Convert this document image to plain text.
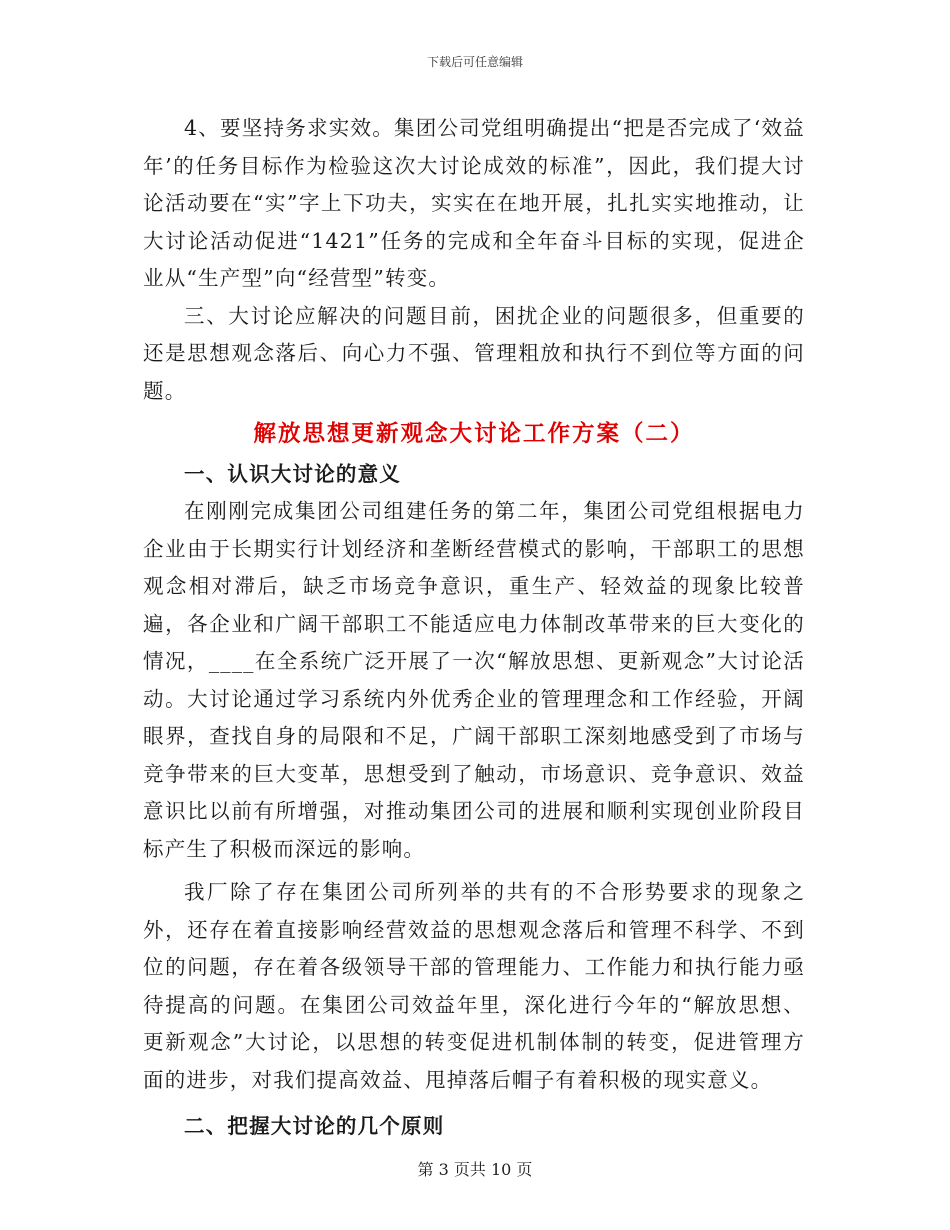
下载后可任意编辑

4、要坚持务求实效。集团公司党组明确提出“把是否完成了‘效益年’的任务目标作为检验这次大讨论成效的标准”，因此，我们提大讨论活动要在“实”字上下功夫，实实在在地开展，扎扎实实地推动，让大讨论活动促进“1421”任务的完成和全年奋斗目标的实现，促进企业从“生产型”向“经营型”转变。

三、大讨论应解决的问题目前，困扰企业的问题很多，但重要的还是思想观念落后、向心力不强、管理粗放和执行不到位等方面的问题。

解放思想更新观念大讨论工作方案（二）
一、认识大讨论的意义

在刚刚完成集团公司组建任务的第二年，集团公司党组根据电力企业由于长期实行计划经济和垄断经营模式的影响，干部职工的思想观念相对滞后，缺乏市场竞争意识，重生产、轻效益的现象比较普遍，各企业和广阔干部职工不能适应电力体制改革带来的巨大变化的情况，____在全系统广泛开展了一次“解放思想、更新观念”大讨论活动。大讨论通过学习系统内外优秀企业的管理理念和工作经验，开阔眼界，查找自身的局限和不足，广阔干部职工深刻地感受到了市场与竞争带来的巨大变革，思想受到了触动，市场意识、竞争意识、效益意识比以前有所增强，对推动集团公司的进展和顺利实现创业阶段目标产生了积极而深远的影响。

我厂除了存在集团公司所列举的共有的不合形势要求的现象之外，还存在着直接影响经营效益的思想观念落后和管理不科学、不到位的问题，存在着各级领导干部的管理能力、工作能力和执行能力亟待提高的问题。在集团公司效益年里，深化进行今年的“解放思想、更新观念”大讨论，以思想的转变促进机制体制的转变，促进管理方面的进步，对我们提高效益、甩掉落后帽子有着积极的现实意义。

二、把握大讨论的几个原则
第 3 页共 10 页
